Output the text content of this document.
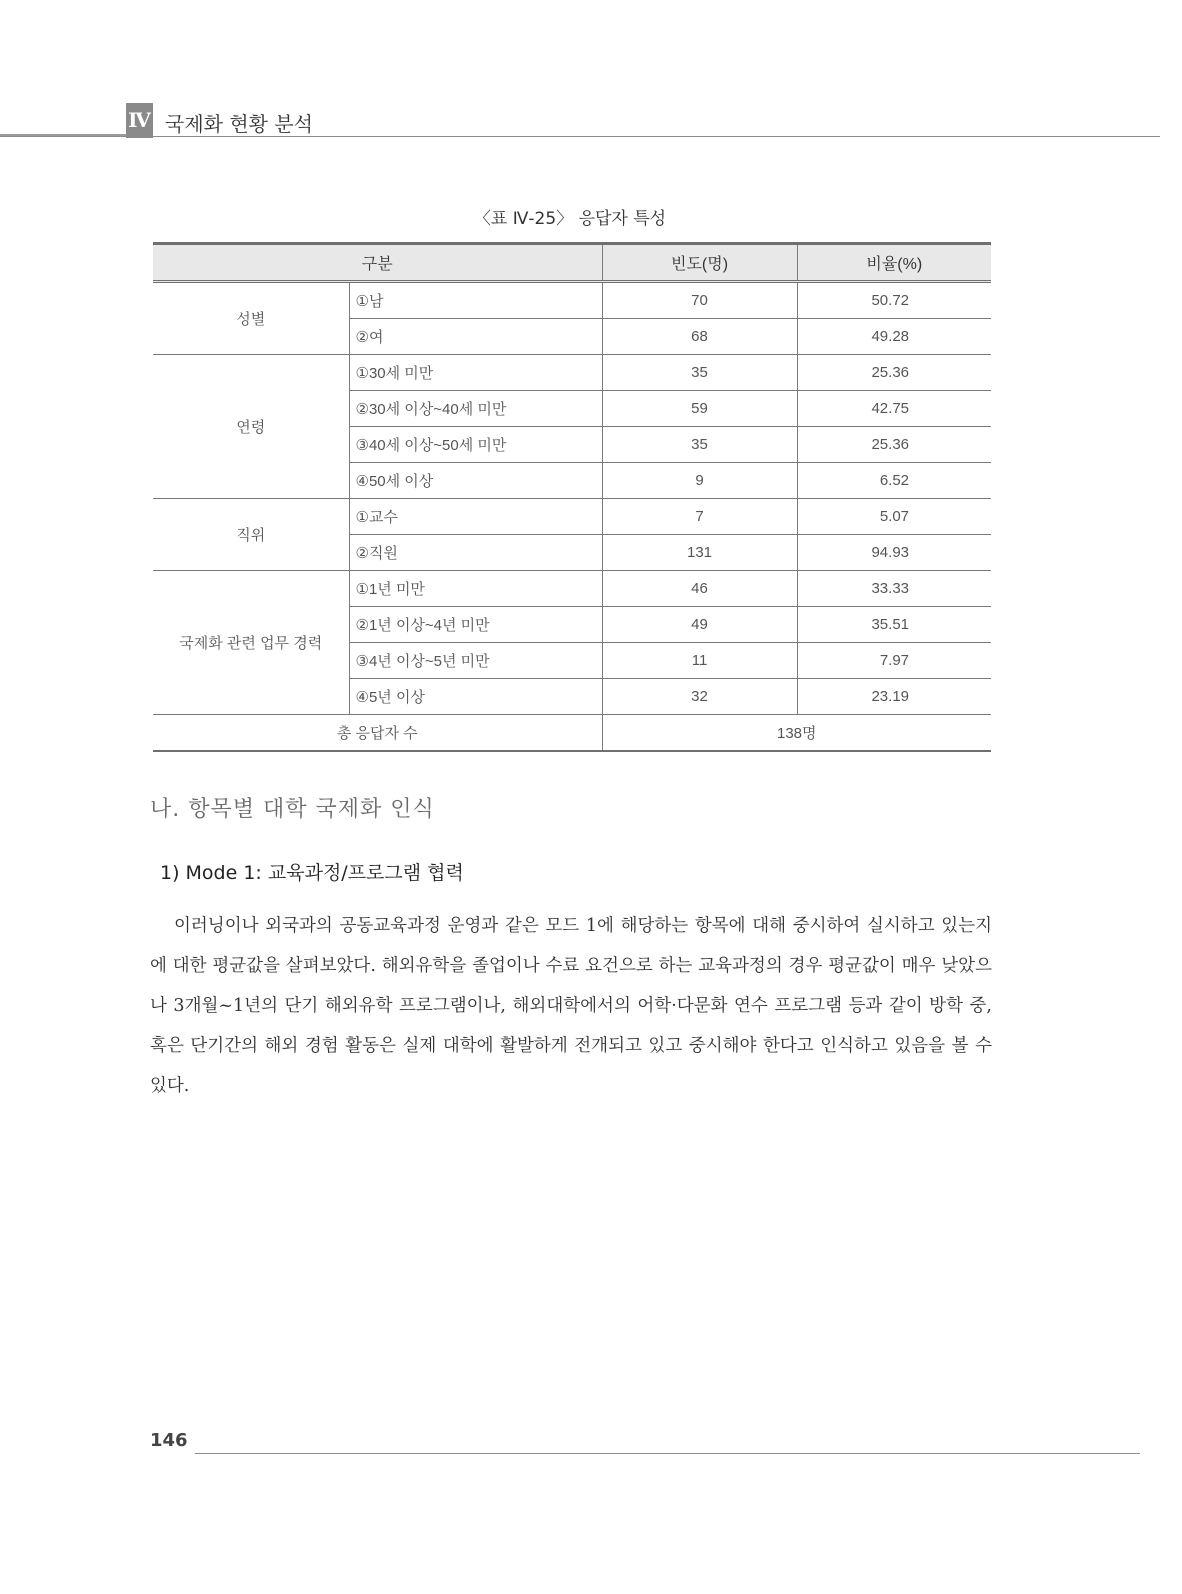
Ⅳ 국제화 현황 분석
〈표 Ⅳ-25〉 응답자 특성
구분		빈도(명)	비율(%)
성별	①남	70	50.72
	②여	68	49.28
연령	①30세 미만	35	25.36
	②30세 이상~40세 미만	59	42.75
	③40세 이상~50세 미만	35	25.36
	④50세 이상	9	6.52
직위	①교수	7	5.07
	②직원	131	94.93
국제화 관련 업무 경력	①1년 미만	46	33.33
	②1년 이상~4년 미만	49	35.51
	③4년 이상~5년 미만	11	7.97
	④5년 이상	32	23.19
총 응답자 수		138명	
나. 항목별 대학 국제화 인식
1) Mode 1: 교육과정/프로그램 협력

이러닝이나 외국과의 공동교육과정 운영과 같은 모드 1에 해당하는 항목에 대해 중시하여 실시하고 있는지에 대한 평균값을 살펴보았다. 해외유학을 졸업이나 수료 요건으로 하는 교육과정의 경우 평균값이 매우 낮았으나 3개월~1년의 단기 해외유학 프로그램이나, 해외대학에서의 어학·다문화 연수 프로그램 등과 같이 방학 중, 혹은 단기간의 해외 경험 활동은 실제 대학에 활발하게 전개되고 있고 중시해야 한다고 인식하고 있음을 볼 수 있다.

146
